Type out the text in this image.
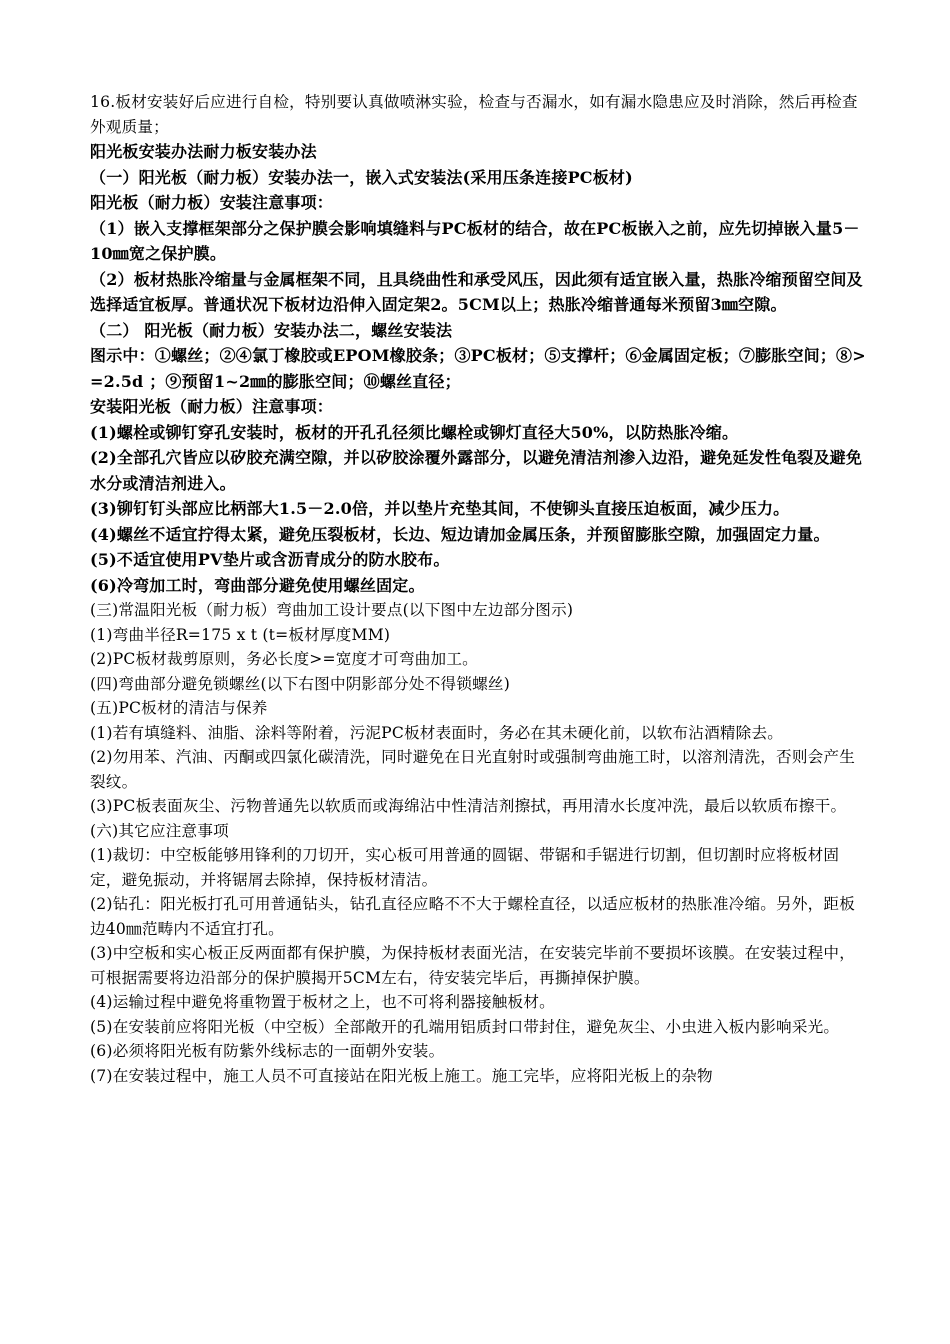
16.板材安装好后应进行自检，特别要认真做喷淋实验，检查与否漏水，如有漏水隐患应及时消除，然后再检查外观质量；

阳光板安装办法耐力板安装办法

（一）阳光板（耐力板）安装办法一，嵌入式安装法(采用压条连接PC板材)

阳光板（耐力板）安装注意事项：

（1）嵌入支撑框架部分之保护膜会影响填缝料与PC板材的结合，故在PC板嵌入之前，应先切掉嵌入量5－10㎜宽之保护膜。

（2）板材热胀冷缩量与金属框架不同，且具绕曲性和承受风压，因此须有适宜嵌入量，热胀冷缩预留空间及选择适宜板厚。普通状况下板材边沿伸入固定架2。5CM以上；热胀冷缩普通每米预留3㎜空隙。

（二） 阳光板（耐力板）安装办法二，螺丝安装法

图示中：①螺丝；②④氯丁橡胶或EPOM橡胶条；③PC板材；⑤支撑杆；⑥金属固定板；⑦膨胀空间；⑧>=2.5d ；⑨预留1~2㎜的膨胀空间；⑩螺丝直径；

安装阳光板（耐力板）注意事项：

(1)螺栓或铆钉穿孔安装时，板材的开孔孔径须比螺栓或铆灯直径大50%，以防热胀冷缩。

(2)全部孔穴皆应以矽胶充满空隙，并以矽胶涂覆外露部分，以避免清洁剂渗入边沿，避免延发性龟裂及避免水分或清洁剂进入。

(3)铆钉钉头部应比柄部大1.5－2.0倍，并以垫片充垫其间，不使铆头直接压迫板面，减少压力。

(4)螺丝不适宜拧得太紧，避免压裂板材，长边、短边请加金属压条，并预留膨胀空隙，加强固定力量。

(5)不适宜使用PV垫片或含沥青成分的防水胶布。

(6)冷弯加工时，弯曲部分避免使用螺丝固定。

(三)常温阳光板（耐力板）弯曲加工设计要点(以下图中左边部分图示)

(1)弯曲半径R=175 x t (t=板材厚度MM)

(2)PC板材裁剪原则，务必长度>=宽度才可弯曲加工。

(四)弯曲部分避免锁螺丝(以下右图中阴影部分处不得锁螺丝)

(五)PC板材的清洁与保养

(1)若有填缝料、油脂、涂料等附着，污泥PC板材表面时，务必在其未硬化前，以软布沾酒精除去。

(2)勿用苯、汽油、丙酮或四氯化碳清洗，同时避免在日光直射时或强制弯曲施工时，以溶剂清洗，否则会产生裂纹。

(3)PC板表面灰尘、污物普通先以软质而或海绵沾中性清洁剂擦拭，再用清水长度冲洗，最后以软质布擦干。

(六)其它应注意事项

(1)裁切：中空板能够用锋利的刀切开，实心板可用普通的圆锯、带锯和手锯进行切割，但切割时应将板材固定，避免振动，并将锯屑去除掉，保持板材清洁。

(2)钻孔：阳光板打孔可用普通钻头，钻孔直径应略不不大于螺栓直径，以适应板材的热胀准冷缩。另外，距板边40㎜范畴内不适宜打孔。

(3)中空板和实心板正反两面都有保护膜，为保持板材表面光洁，在安装完毕前不要损坏该膜。在安装过程中，可根据需要将边沿部分的保护膜揭开5CM左右，待安装完毕后，再撕掉保护膜。

(4)运输过程中避免将重物置于板材之上，也不可将利器接触板材。

(5)在安装前应将阳光板（中空板）全部敞开的孔端用铝质封口带封住，避免灰尘、小虫进入板内影响采光。

(6)必须将阳光板有防紫外线标志的一面朝外安装。

(7)在安装过程中，施工人员不可直接站在阳光板上施工。施工完毕，应将阳光板上的杂物
